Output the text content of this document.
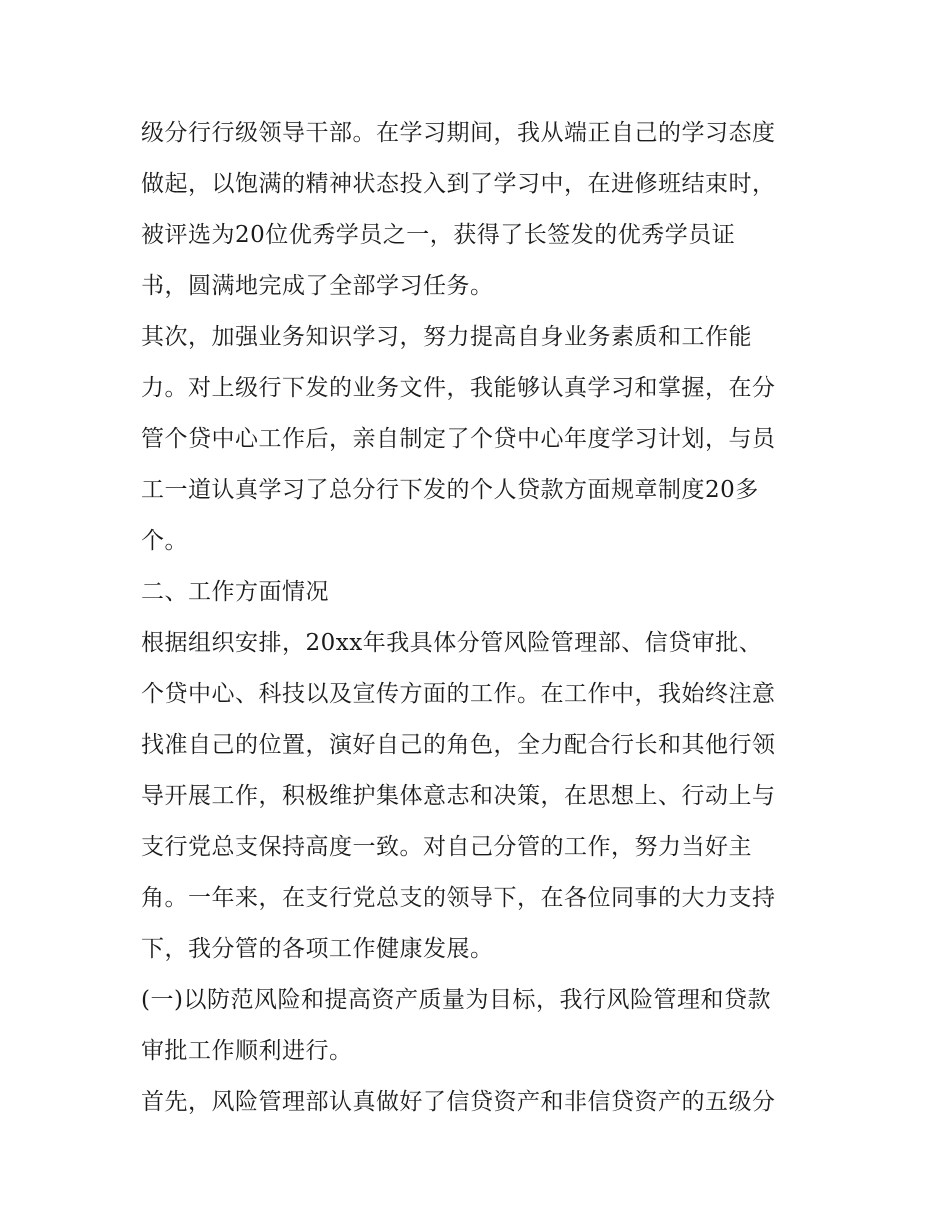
级分行行级领导干部。在学习期间，我从端正自己的学习态度
做起，以饱满的精神状态投入到了学习中，在进修班结束时，
被评选为20位优秀学员之一，获得了长签发的优秀学员证
书，圆满地完成了全部学习任务。
其次，加强业务知识学习，努力提高自身业务素质和工作能
力。对上级行下发的业务文件，我能够认真学习和掌握，在分
管个贷中心工作后，亲自制定了个贷中心年度学习计划，与员
工一道认真学习了总分行下发的个人贷款方面规章制度20多
个。
二、工作方面情况
根据组织安排，20xx年我具体分管风险管理部、信贷审批、
个贷中心、科技以及宣传方面的工作。在工作中，我始终注意
找准自己的位置，演好自己的角色，全力配合行长和其他行领
导开展工作，积极维护集体意志和决策，在思想上、行动上与
支行党总支保持高度一致。对自己分管的工作，努力当好主
角。一年来，在支行党总支的领导下，在各位同事的大力支持
下，我分管的各项工作健康发展。
(一)以防范风险和提高资产质量为目标，我行风险管理和贷款
审批工作顺利进行。
首先，风险管理部认真做好了信贷资产和非信贷资产的五级分
